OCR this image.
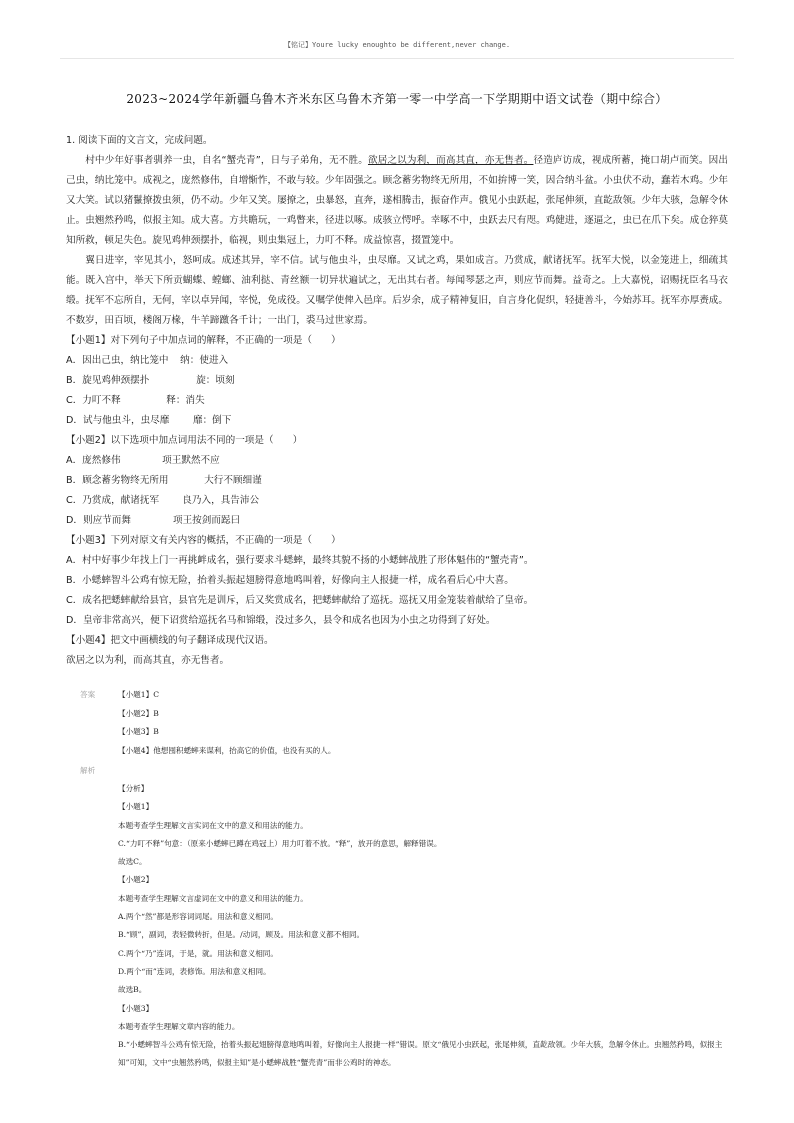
【铭记】Youre lucky enoughto be different,never change.
2023~2024学年新疆乌鲁木齐米东区乌鲁木齐第一零一中学高一下学期期中语文试卷（期中综合）

1. 阅读下面的文言文，完成问题。

村中少年好事者驯养一虫，自名“蟹壳青”，日与子弟角，无不胜。欲居之以为利，而高其直，亦无售者。径造庐访成，视成所蓄，掩口胡卢而笑。因出己虫，纳比笼中。成视之，庞然修伟，自增惭怍，不敢与较。少年固强之。顾念蓄劣物终无所用，不如拚博一笑，因合纳斗盆。小虫伏不动，蠢若木鸡。少年又大笑。试以猪鬣撩拨虫须，仍不动。少年又笑。屡撩之，虫暴怒，直奔，遂相腾击，振奋作声。俄见小虫跃起，张尾伸须，直龁敌领。少年大骇，急解令休止。虫翘然矜鸣，似报主知。成大喜。方共瞻玩，一鸡瞥来，径进以啄。成骇立愕呼。幸啄不中，虫跃去尺有咫。鸡健进，逐逼之，虫已在爪下矣。成仓猝莫知所救，顿足失色。旋见鸡伸颈摆扑，临视，则虫集冠上，力叮不释。成益惊喜，掇置笼中。

翼日进宰，宰见其小，怒呵成。成述其异，宰不信。试与他虫斗，虫尽靡。又试之鸡，果如成言。乃赏成，献诸抚军。抚军大悦，以金笼进上，细疏其能。既入宫中，举天下所贡蝴蝶、螳螂、油利挞、青丝额一切异状遍试之，无出其右者。每闻琴瑟之声，则应节而舞。益奇之。上大嘉悦，诏赐抚臣名马衣缎。抚军不忘所自，无何，宰以卓异闻，宰悦，免成役。又嘱学使俾入邑庠。后岁余，成子精神复旧，自言身化促织，轻捷善斗，今始苏耳。抚军亦厚赉成。不数岁，田百顷，楼阁万椽，牛羊蹄躈各千计；一出门，裘马过世家焉。

【小题1】对下列句子中加点词的解释，不正确的一项是（　　）

A．因出己虫，纳比笼中 纳：使进入

B．旋见鸡伸颈摆扑	旋：顷刻

C．力叮不释	释：消失

D．试与他虫斗，虫尽靡 靡：倒下

【小题2】以下选项中加点词用法不同的一项是（　　）

A．庞然修伟	项王默然不应

B．顾念蓄劣物终无所用	大行不顾细谨

C．乃赏成，献诸抚军 良乃入，具告沛公

D．则应节而舞	项王按剑而跽曰

【小题3】下列对原文有关内容的概括，不正确的一项是（　　）

A．村中好事少年找上门一再挑衅成名，强行要求斗蟋蟀，最终其貌不扬的小蟋蟀战胜了形体魁伟的“蟹壳青”。

B．小蟋蟀智斗公鸡有惊无险，抬着头振起翅膀得意地鸣叫着，好像向主人报捷一样，成名看后心中大喜。

C．成名把蟋蟀献给县官，县官先是训斥，后又奖赏成名，把蟋蟀献给了巡抚。巡抚又用金笼装着献给了皇帝。

D．皇帝非常高兴，便下诏赏给巡抚名马和锦缎，没过多久，县令和成名也因为小虫之功得到了好处。

【小题4】把文中画横线的句子翻译成现代汉语。

欲居之以为利，而高其直，亦无售者。

答案	【小题1】C

【小题2】B

【小题3】B

【小题4】他想囤积蟋蟀来谋利，抬高它的价值，也没有买的人。

解析

【分析】

【小题1】

本题考查学生理解文言实词在文中的意义和用法的能力。

C.“力叮不释”句意：（原来小蟋蟀已蹲在鸡冠上）用力叮着不放。“释”，放开的意思，解释错误。

故选C。

【小题2】

本题考查学生理解文言虚词在文中的意义和用法的能力。

A.两个“然”都是形容词词尾。用法和意义相同。

B.“顾”，副词，表轻微转折，但是。/动词，顾及。用法和意义都不相同。

C.两个“乃”连词，于是，就。用法和意义相同。

D.两个“而”连词，表修饰。用法和意义相同。

故选B。

【小题3】

本题考查学生理解文章内容的能力。

B.“小蟋蟀智斗公鸡有惊无险，抬着头振起翅膀得意地鸣叫着，好像向主人报捷一样”错误。原文“俄见小虫跃起，张尾伸须，直龁敌领。少年大骇，急解令休止。虫翘然矜鸣，似报主知”可知，文中“虫翘然矜鸣，似报主知”是小蟋蟀战胜“蟹壳青”而非公鸡时的神态。
